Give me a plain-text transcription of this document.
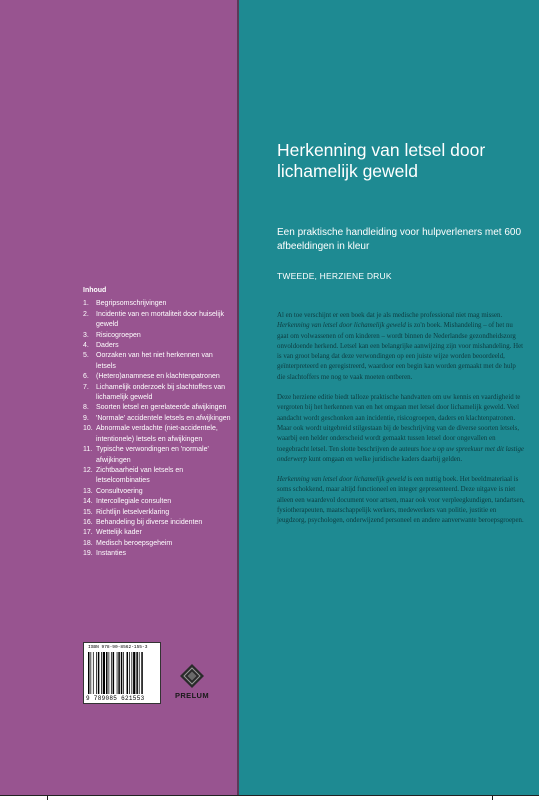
Inhoud
1.	Begripsomschrijvingen
2.	Incidentie van en mortaliteit door huiselijk geweld
3.	Risicogroepen
4.	Daders
5.	Oorzaken van het niet herkennen van letsels
6.	(Hetero)anamnese en klachtenpatronen
7.	Lichamelijk onderzoek bij slachtoffers van lichamelijk geweld
8.	Soorten letsel en gerelateerde afwijkingen
9.	'Normale' accidentele letsels en afwijkingen
10. Abnormale verdachte (niet-accidentele, intentionele) letsels en afwijkingen
11. Typische verwondingen en 'normale' afwijkingen
12. Zichtbaarheid van letsels en letselcombinaties
13. Consultvoering
14. Intercollegiale consulten
15. Richtlijn letselverklaring
16. Behandeling bij diverse incidenten
17. Wettelijk kader
18. Medisch beroepsgeheim
19. Instanties
ISBN 978-90-8562-155-3
9 789085 621553	PRELUM
Herkenning van letsel door lichamelijk geweld
Een praktische handleiding voor hulpverleners met 600 afbeeldingen in kleur
TWEEDE, HERZIENE DRUK

Al en toe verschijnt er een boek dat je als medische professional niet mag missen. Herkenning van letsel door lichamelijk geweld is zo'n boek. Mishandeling – of het nu gaat om volwassenen of om kinderen – wordt binnen de Nederlandse gezondheidszorg onvoldoende herkend. Letsel kan een belangrijke aanwijzing zijn voor mishandeling. Het is van groot belang dat deze verwondingen op een juiste wijze worden beoordeeld, geïnterpreteerd en geregistreerd, waardoor een begin kan worden gemaakt met de hulp die slachtoffers me nog te vaak moeten ontberen.

Deze herziene editie biedt talloze praktische handvatten om uw kennis en vaardigheid te vergroten bij het herkennen van en het omgaan met letsel door lichamelijk geweld. Veel aandacht wordt geschonken aan incidentie, risicogroepen, daders en klachtenpatronen. Maar ook wordt uitgebreid stilgestaan bij de beschrijving van de diverse soorten letsels, waarbij een helder onderscheid wordt gemaakt tussen letsel door ongevallen en toegebracht letsel. Ten slotte beschrijven de auteurs hoe u op uw spreekuur met dit lastige onderwerp kunt omgaan en welke juridische kaders daarbij gelden.

Herkenning van letsel door lichamelijk geweld is een nuttig boek. Het beeldmateriaal is soms schokkend, maar altijd functioneel en integer gepresenteerd. Deze uitgave is niet alleen een waardevol document voor artsen, maar ook voor verpleegkundigen, tandartsen, fysiotherapeuten, maatschappelijk werkers, medewerkers van politie, justitie en jeugdzorg, psychologen, onderwijzend personeel en andere aanverwante beroepsgroepen.
